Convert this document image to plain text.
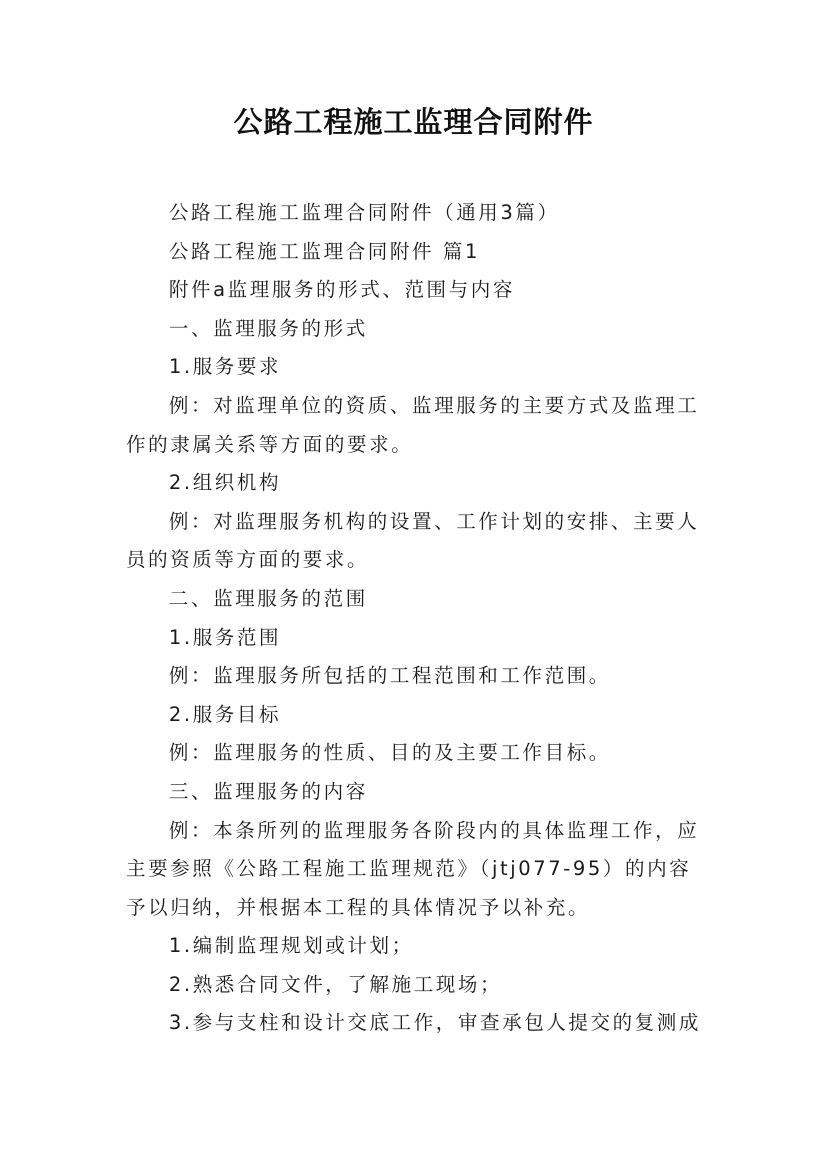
公路工程施工监理合同附件

公路工程施工监理合同附件（通用3篇）

公路工程施工监理合同附件 篇1

附件a监理服务的形式、范围与内容

一、监理服务的形式

1.服务要求

例：对监理单位的资质、监理服务的主要方式及监理工作的隶属关系等方面的要求。

2.组织机构

例：对监理服务机构的设置、工作计划的安排、主要人员的资质等方面的要求。

二、监理服务的范围

1.服务范围

例：监理服务所包括的工程范围和工作范围。

2.服务目标

例：监理服务的性质、目的及主要工作目标。

三、监理服务的内容

例：本条所列的监理服务各阶段内的具体监理工作，应主要参照《公路工程施工监理规范》（jtj077-95）的内容予以归纳，并根据本工程的具体情况予以补充。

1.编制监理规划或计划；

2.熟悉合同文件，了解施工现场；

3.参与支柱和设计交底工作，审查承包人提交的复测成
